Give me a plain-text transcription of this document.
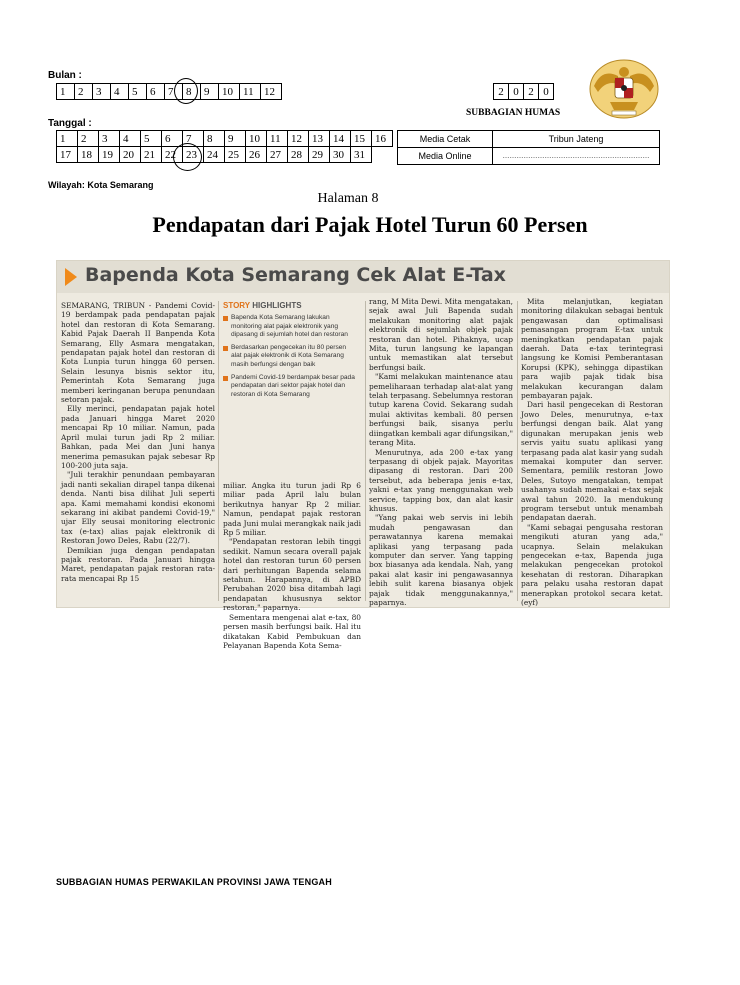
Bulan :
1	2	3	4	5	6	7	8	9	10	11	12	2	0	2	0
SUBBAGIAN HUMAS
Tanggal :
1	2	3	4	5	6	7	8	9	10	11	12	13	14	15	16
17	18	19	20	21	22	23	24	25	26	27	28	29	30	31	
Media Cetak	Tribun Jateng
Media Online	………………………………………………………
Wilayah: Kota Semarang
Halaman 8
Pendapatan dari Pajak Hotel Turun 60 Persen
Bapenda Kota Semarang Cek Alat E-Tax

SEMARANG, TRIBUN - Pandemi Covid-19 berdampak pada pendapatan pajak hotel dan restoran di Kota Semarang. Kabid Pajak Daerah II Banpenda Kota Semarang, Elly Asmara mengatakan, pendapatan pajak hotel dan restoran di Kota Lunpia turun hingga 60 persen. Selain lesunya bisnis sektor itu, Pemerintah Kota Semarang juga memberi keringanan berupa penundaan setoran pajak.

Elly merinci, pendapatan pajak hotel pada Januari hingga Maret 2020 mencapai Rp 10 miliar. Namun, pada April mulai turun jadi Rp 2 miliar. Bahkan, pada Mei dan Juni hanya menerima pemasukan pajak sebesar Rp 100-200 juta saja.

"Juli terakhir penundaan pembayaran jadi nanti sekalian dirapel tanpa dikenai denda. Nanti bisa dilihat Juli seperti apa. Kami memahami kondisi ekonomi sekarang ini akibat pandemi Covid-19," ujar Elly seusai monitoring electronic tax (e-tax) alias pajak elektronik di Restoran Jowo Deles, Rabu (22/7).

Demikian juga dengan pendapatan pajak restoran. Pada Januari hingga Maret, pendapatan pajak restoran rata-rata mencapai Rp 15

STORY HIGHLIGHTS
Bapenda Kota Semarang lakukan monitoring alat pajak elektronik yang dipasang di sejumlah hotel dan restoran
Berdasarkan pengecekan itu 80 persen alat pajak elektronik di Kota Semarang masih berfungsi dengan baik
Pandemi Covid-19 berdampak besar pada pendapatan dari sektor pajak hotel dan restoran di Kota Semarang

miliar. Angka itu turun jadi Rp 6 miliar pada April lalu bulan berikutnya hanyar Rp 2 miliar. Namun, pendapat pajak restoran pada Juni mulai merangkak naik jadi Rp 5 miliar.

"Pendapatan restoran lebih tinggi sedikit. Namun secara overall pajak hotel dan restoran turun 60 persen dari perhitungan Bapenda selama setahun. Harapannya, di APBD Perubahan 2020 bisa ditambah lagi pendapatan khususnya sektor restoran," paparnya.

Sementara mengenai alat e-tax, 80 persen masih berfungsi baik. Hal itu dikatakan Kabid Pembukuan dan Pelayanan Bapenda Kota Sema-

rang, M Mita Dewi. Mita mengatakan, sejak awal Juli Bapenda sudah melakukan monitoring alat pajak elektronik di sejumlah objek pajak restoran dan hotel. Pihaknya, ucap Mita, turun langsung ke lapangan untuk memastikan alat tersebut berfungsi baik.

"Kami melakukan maintenance atau pemeliharaan terhadap alat-alat yang telah terpasang. Sebelumnya restoran tutup karena Covid. Sekarang sudah mulai aktivitas kembali. 80 persen berfungsi baik, sisanya perlu diingatkan kembali agar difungsikan," terang Mita.

Menurutnya, ada 200 e-tax yang terpasang di objek pajak. Mayoritas dipasang di restoran. Dari 200 tersebut, ada beberapa jenis e-tax, yakni e-tax yang menggunakan web service, tapping box, dan alat kasir khusus.

"Yang pakai web servis ini lebih mudah pengawasan dan perawatannya karena memakai aplikasi yang terpasang pada komputer dan server. Yang tapping box biasanya ada kendala. Nah, yang pakai alat kasir ini pengawasannya lebih sulit karena biasanya objek pajak tidak menggunakannya," paparnya.

Mita melanjutkan, kegiatan monitoring dilakukan sebagai bentuk pengawasan dan optimalisasi pemasangan program E-tax untuk meningkatkan pendapatan pajak daerah. Data e-tax terintegrasi langsung ke Komisi Pemberantasan Korupsi (KPK), sehingga dipastikan para wajib pajak tidak bisa melakukan kecurangan dalam pembayaran pajak.

Dari hasil pengecekan di Restoran Jowo Deles, menurutnya, e-tax berfungsi dengan baik. Alat yang digunakan merupakan jenis web servis yaitu suatu aplikasi yang terpasang pada alat kasir yang sudah memakai komputer dan server. Sementara, pemilik restoran Jowo Deles, Sutoyo mengatakan, tempat usahanya sudah memakai e-tax sejak awal tahun 2020. Ia mendukung program tersebut untuk menambah pendapatan daerah.

"Kami sebagai pengusaha restoran mengikuti aturan yang ada," ucapnya. Selain melakukan pengecekan e-tax, Bapenda juga melakukan pengecekan protokol kesehatan di restoran. Diharapkan para pelaku usaha restoran dapat menerapkan protokol secara ketat. (eyf)

SUBBAGIAN HUMAS PERWAKILAN PROVINSI JAWA TENGAH
